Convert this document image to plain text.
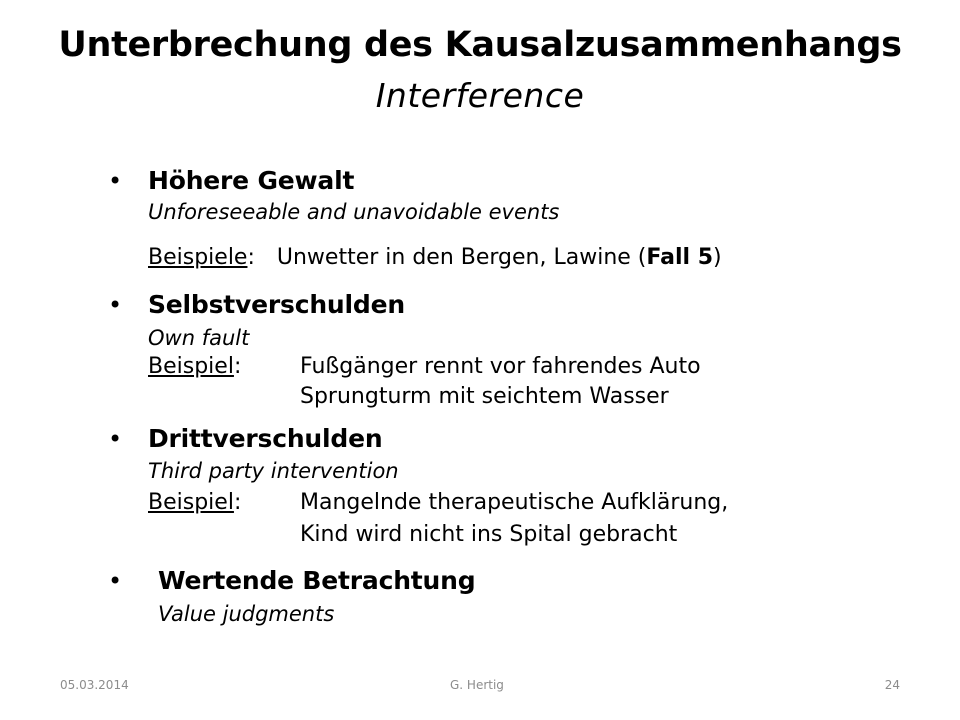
Unterbrechung des Kausalzusammenhangs
Interference
• Höhere Gewalt
Unforeseeable and unavoidable events
Beispiele: Unwetter in den Bergen, Lawine (Fall 5)
• Selbstverschulden
Own fault
Beispiel:	Fußgänger rennt vor fahrendes Auto
Sprungturm mit seichtem Wasser
• Drittverschulden
Third party intervention
Beispiel:	Mangelnde therapeutische Aufklärung,
Kind wird nicht ins Spital gebracht
• Wertende Betrachtung
Value judgments
05.03.2014	G. Hertig	24
